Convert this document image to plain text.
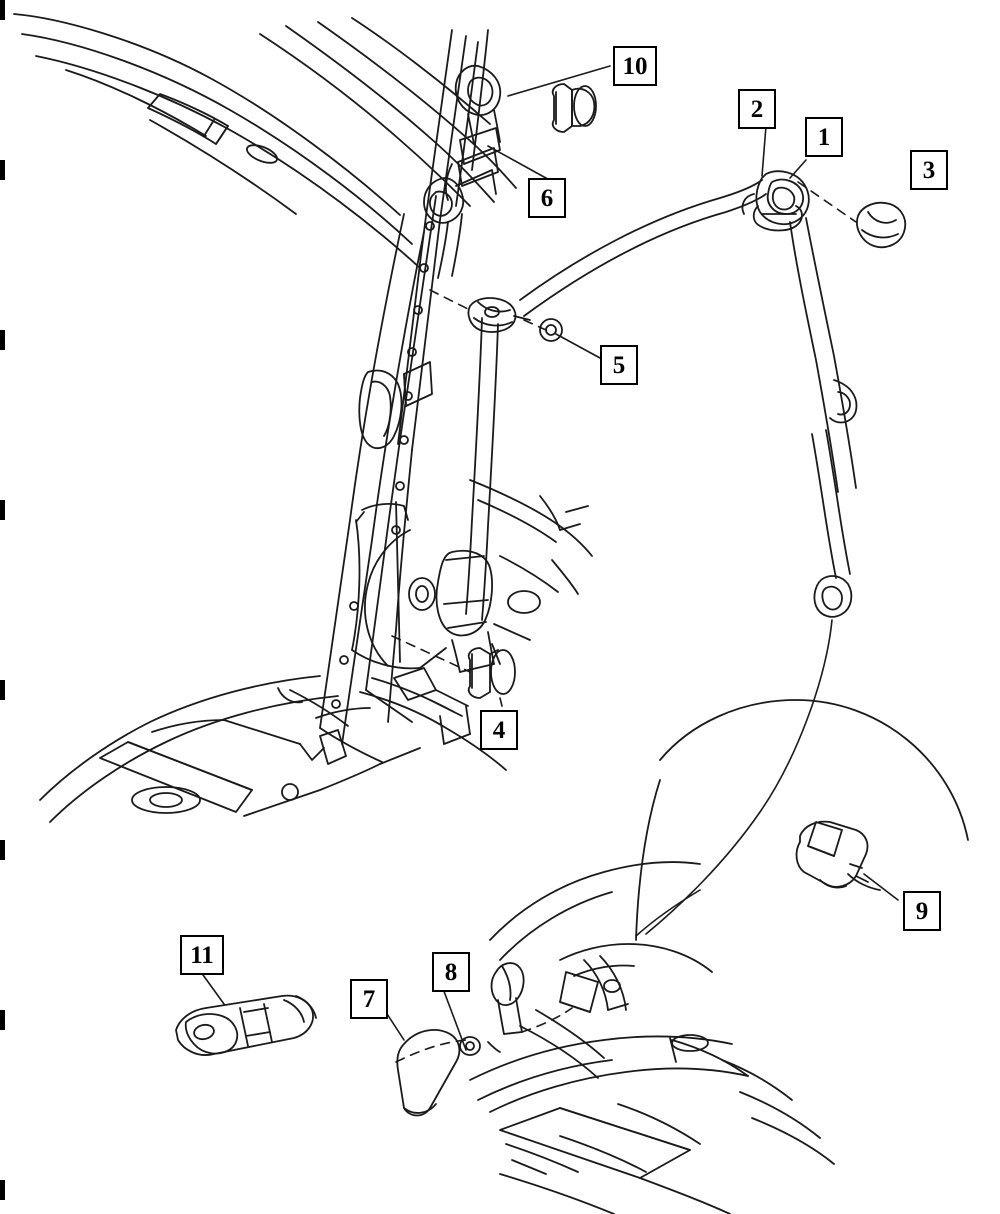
10
2
1
3
6
5
4
9
11
8
7
